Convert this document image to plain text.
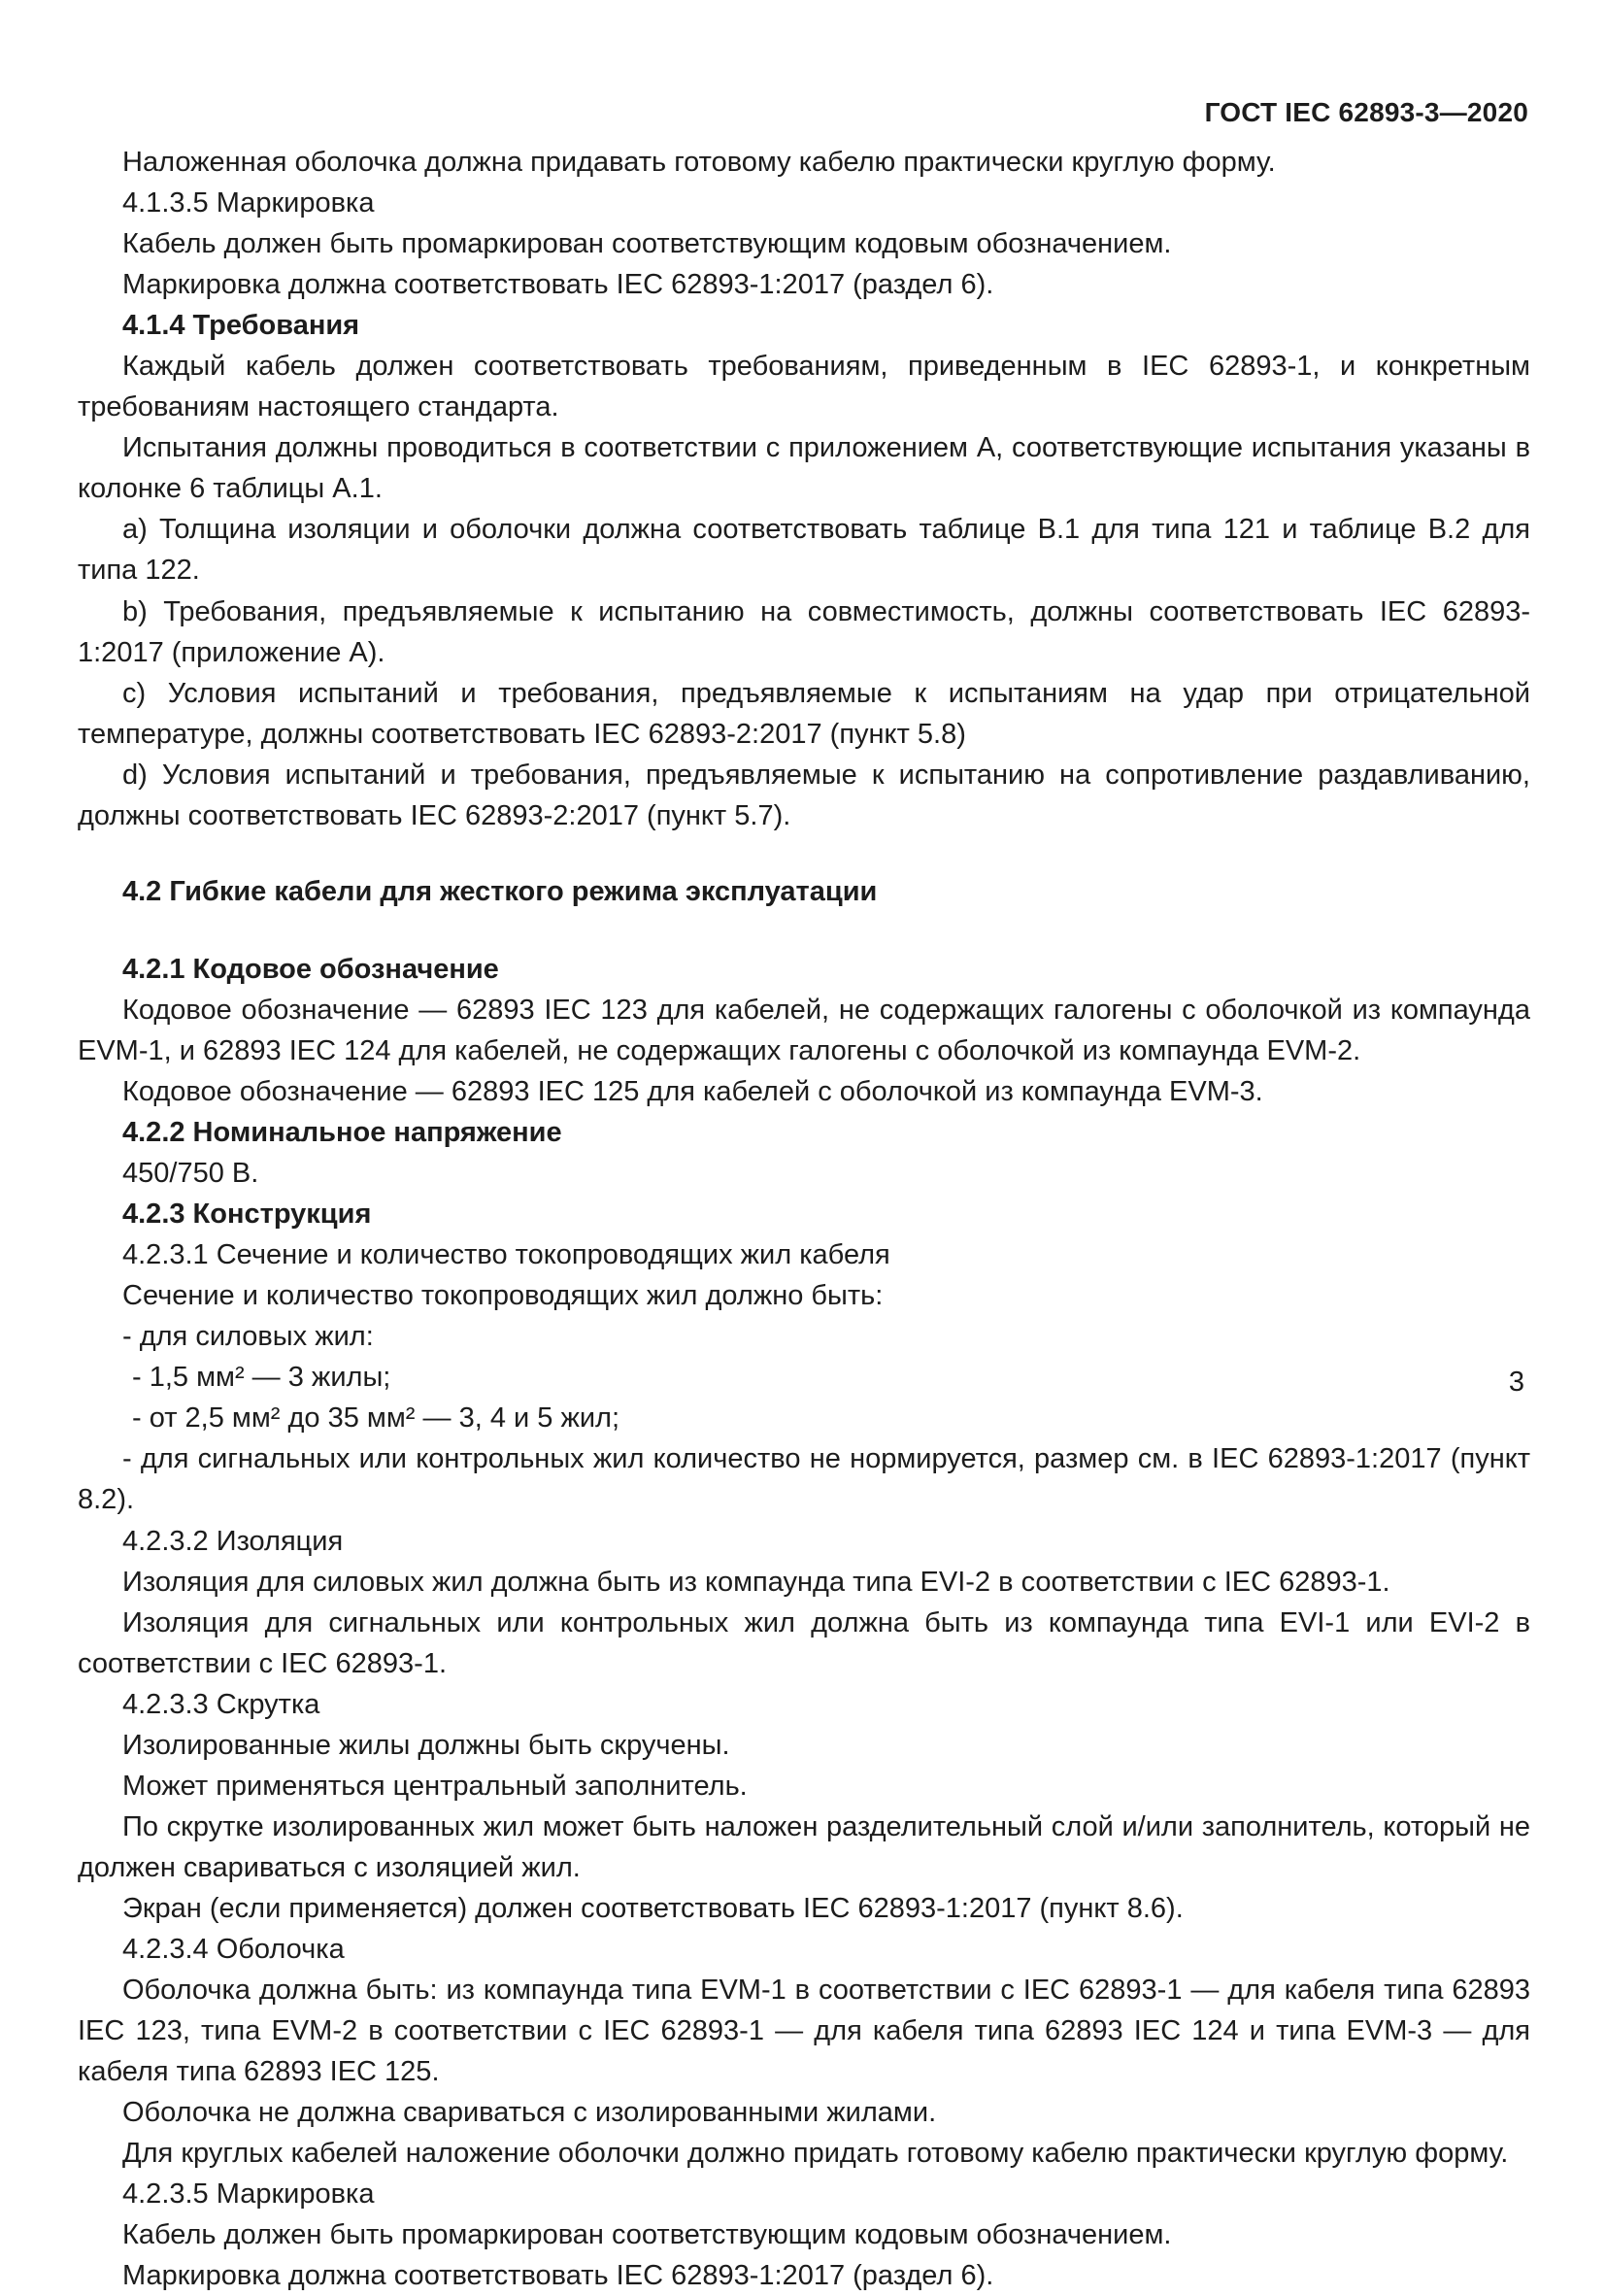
ГОСТ IEC 62893-3—2020

Наложенная оболочка должна придавать готовому кабелю практически круглую форму.

4.1.3.5 Маркировка

Кабель должен быть промаркирован соответствующим кодовым обозначением.

Маркировка должна соответствовать IEC 62893-1:2017 (раздел 6).

4.1.4 Требования

Каждый кабель должен соответствовать требованиям, приведенным в IEC 62893-1, и конкретным требованиям настоящего стандарта.

Испытания должны проводиться в соответствии с приложением А, соответствующие испытания указаны в колонке 6 таблицы А.1.

a) Толщина изоляции и оболочки должна соответствовать таблице В.1 для типа 121 и таблице В.2 для типа 122.

b) Требования, предъявляемые к испытанию на совместимость, должны соответствовать IEC 62893-1:2017 (приложение А).

c) Условия испытаний и требования, предъявляемые к испытаниям на удар при отрицательной температуре, должны соответствовать IEC 62893-2:2017 (пункт 5.8)

d) Условия испытаний и требования, предъявляемые к испытанию на сопротивление раздавливанию, должны соответствовать IEC 62893-2:2017 (пункт 5.7).

4.2 Гибкие кабели для жесткого режима эксплуатации

4.2.1 Кодовое обозначение

Кодовое обозначение — 62893 IEC 123 для кабелей, не содержащих галогены с оболочкой из компаунда EVM-1, и 62893 IEC 124 для кабелей, не содержащих галогены с оболочкой из компаунда EVM-2.

Кодовое обозначение — 62893 IEC 125 для кабелей с оболочкой из компаунда EVM-3.

4.2.2 Номинальное напряжение

450/750 В.

4.2.3 Конструкция

4.2.3.1 Сечение и количество токопроводящих жил кабеля

Сечение и количество токопроводящих жил должно быть:

- для силовых жил:

- 1,5 мм² — 3 жилы;

- от 2,5 мм² до 35 мм² — 3, 4 и 5 жил;

- для сигнальных или контрольных жил количество не нормируется, размер см. в IEC 62893-1:2017 (пункт 8.2).

4.2.3.2 Изоляция

Изоляция для силовых жил должна быть из компаунда типа EVI-2 в соответствии с IEC 62893-1.

Изоляция для сигнальных или контрольных жил должна быть из компаунда типа EVI-1 или EVI-2 в соответствии с IEC 62893-1.

4.2.3.3 Скрутка

Изолированные жилы должны быть скручены.

Может применяться центральный заполнитель.

По скрутке изолированных жил может быть наложен разделительный слой и/или заполнитель, который не должен свариваться с изоляцией жил.

Экран (если применяется) должен соответствовать IEC 62893-1:2017 (пункт 8.6).

4.2.3.4 Оболочка

Оболочка должна быть: из компаунда типа EVM-1 в соответствии с IEC 62893-1 — для кабеля типа 62893 IEC 123, типа EVM-2 в соответствии с IEC 62893-1 — для кабеля типа 62893 IEC 124 и типа EVM-3 — для кабеля типа 62893 IEC 125.

Оболочка не должна свариваться с изолированными жилами.

Для круглых кабелей наложение оболочки должно придать готовому кабелю практически круглую форму.

4.2.3.5 Маркировка

Кабель должен быть промаркирован соответствующим кодовым обозначением.

Маркировка должна соответствовать IEC 62893-1:2017 (раздел 6).

3
